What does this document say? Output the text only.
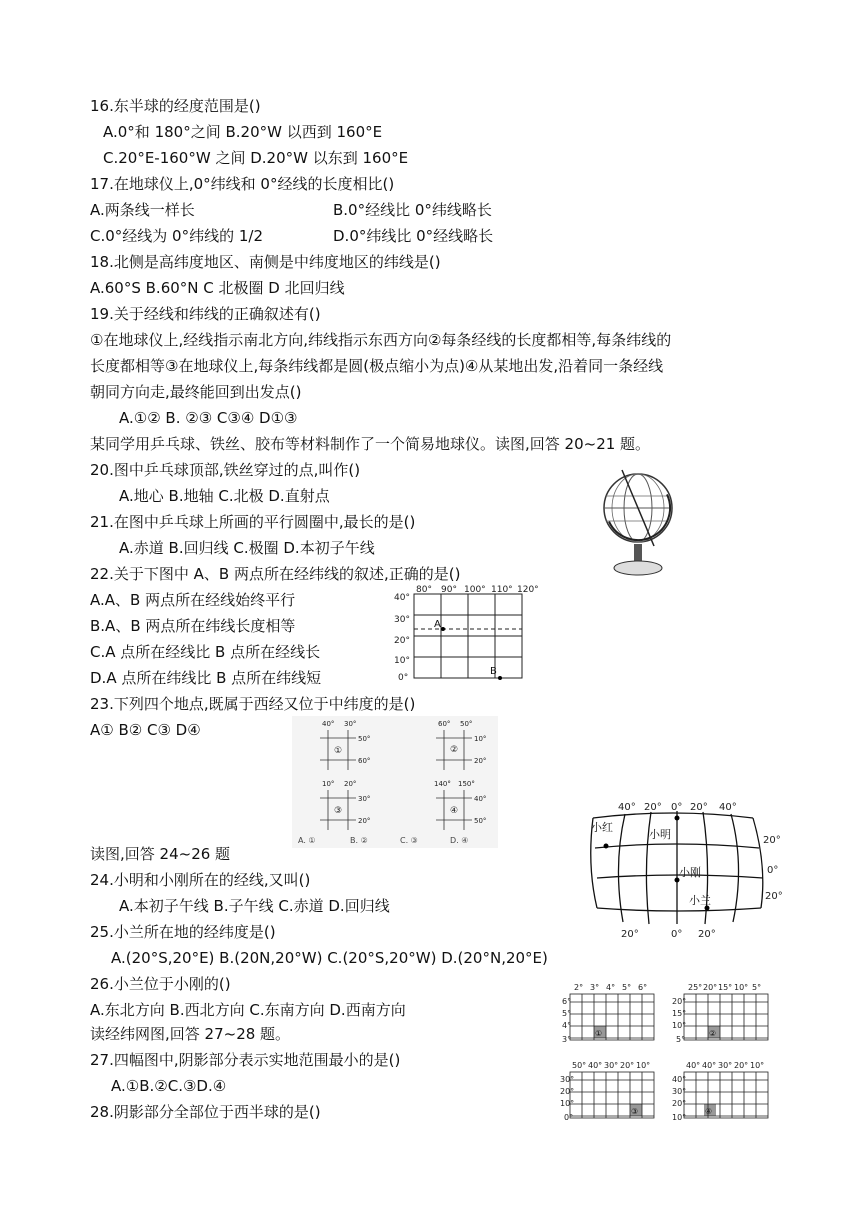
16.东半球的经度范围是()
A.0°和 180°之间 B.20°W 以西到 160°E
C.20°E-160°W 之间 D.20°W 以东到 160°E
17.在地球仪上,0°纬线和 0°经线的长度相比()
A.两条线一样长	B.0°经线比 0°纬线略长
C.0°经线为 0°纬线的 1/2	D.0°纬线比 0°经线略长
18.北侧是高纬度地区、南侧是中纬度地区的纬线是()
A.60°S B.60°N C 北极圈 D 北回归线
19.关于经线和纬线的正确叙述有()
①在地球仪上,经线指示南北方向,纬线指示东西方向②每条经线的长度都相等,每条纬线的
长度都相等③在地球仪上,每条纬线都是圆(极点缩小为点)④从某地出发,沿着同一条经线
朝同方向走,最终能回到出发点()
A.①② B. ②③ C③④ D①③
某同学用乒乓球、铁丝、胶布等材料制作了一个简易地球仪。读图,回答 20~21 题。
20.图中乒乓球顶部,铁丝穿过的点,叫作()
A.地心 B.地轴 C.北极 D.直射点
21.在图中乒乓球上所画的平行圆圈中,最长的是()
A.赤道 B.回归线 C.极圈 D.本初子午线
22.关于下图中 A、B 两点所在经纬线的叙述,正确的是()
A.A、B 两点所在经线始终平行
B.A、B 两点所在纬线长度相等
C.A 点所在经线比 B 点所在经线长
D.A 点所在纬线比 B 点所在纬线短
23.下列四个地点,既属于西经又位于中纬度的是()
A① B② C③ D④
读图,回答 24~26 题
24.小明和小刚所在的经线,又叫()
A.本初子午线 B.子午线 C.赤道 D.回归线
25.小兰所在地的经纬度是()
A.(20°S,20°E) B.(20N,20°W) C.(20°S,20°W) D.(20°N,20°E)
26.小兰位于小刚的()
A.东北方向 B.西北方向 C.东南方向 D.西南方向
读经纬网图,回答 27~28 题。
27.四幅图中,阴影部分表示实地范围最小的是()
A.①B.②C.③D.④
28.阴影部分全部位于西半球的是()
80° 90° 100° 110° 120°
40°
30°
20°
10°
0°
A
B
40° 30°
50°
60°
①
60° 50°
10°
20°
②
10° 20°
30°
20°
③
140° 150°
40°
50°
④
A. ①	B. ②	C. ③	D. ④
40° 20° 0° 20° 40°
20°
0°
20°
20°	0° 20°
小红
小明
小刚
小兰
2° 3° 4° 5° 6°
6°
5°
4°
3°
①
25° 20° 15° 10° 5°
20°
15°
10°
5°
②
50° 40° 30° 20° 10°
30°
20°
10°
0°
③
40° 40° 30° 20° 10°
40°
30°
20°
10°
④
